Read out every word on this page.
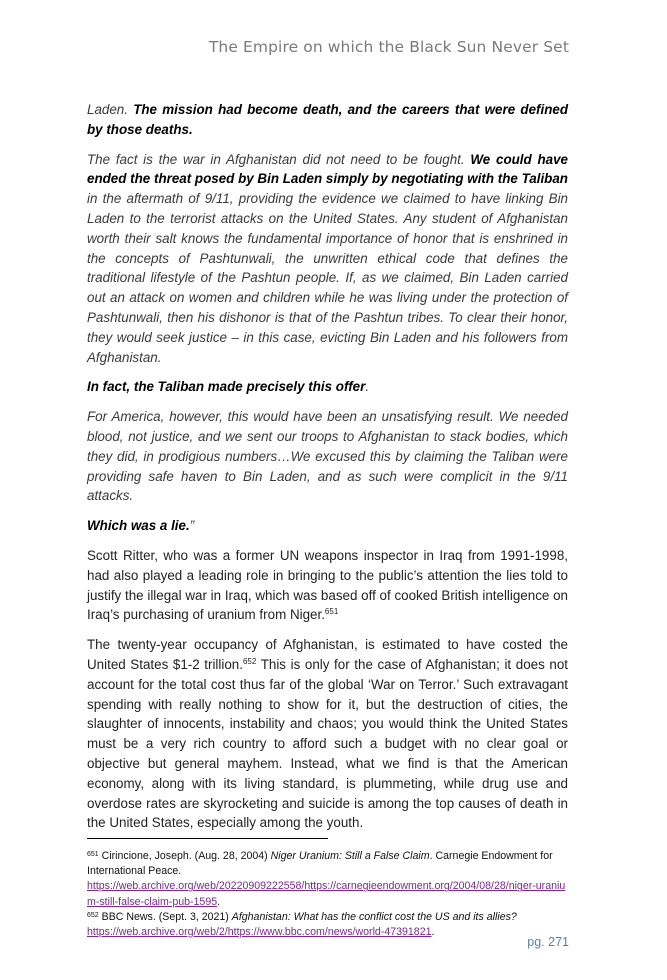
The Empire on which the Black Sun Never Set

Laden. The mission had become death, and the careers that were defined by those deaths.

The fact is the war in Afghanistan did not need to be fought. We could have ended the threat posed by Bin Laden simply by negotiating with the Taliban in the aftermath of 9/11, providing the evidence we claimed to have linking Bin Laden to the terrorist attacks on the United States. Any student of Afghanistan worth their salt knows the fundamental importance of honor that is enshrined in the concepts of Pashtunwali, the unwritten ethical code that defines the traditional lifestyle of the Pashtun people. If, as we claimed, Bin Laden carried out an attack on women and children while he was living under the protection of Pashtunwali, then his dishonor is that of the Pashtun tribes. To clear their honor, they would seek justice – in this case, evicting Bin Laden and his followers from Afghanistan.

In fact, the Taliban made precisely this offer.

For America, however, this would have been an unsatisfying result. We needed blood, not justice, and we sent our troops to Afghanistan to stack bodies, which they did, in prodigious numbers…We excused this by claiming the Taliban were providing safe haven to Bin Laden, and as such were complicit in the 9/11 attacks.

Which was a lie.”

Scott Ritter, who was a former UN weapons inspector in Iraq from 1991-1998, had also played a leading role in bringing to the public’s attention the lies told to justify the illegal war in Iraq, which was based off of cooked British intelligence on Iraq’s purchasing of uranium from Niger.$^{651}$

The twenty-year occupancy of Afghanistan, is estimated to have costed the United States $1-2 trillion.$^{652}$ This is only for the case of Afghanistan; it does not account for the total cost thus far of the global ‘War on Terror.’ Such extravagant spending with really nothing to show for it, but the destruction of cities, the slaughter of innocents, instability and chaos; you would think the United States must be a very rich country to afford such a budget with no clear goal or objective but general mayhem. Instead, what we find is that the American economy, along with its living standard, is plummeting, while drug use and overdose rates are skyrocketing and suicide is among the top causes of death in the United States, especially among the youth.

$^{651}$ Cirincione, Joseph. (Aug. 28, 2004) Niger Uranium: Still a False Claim. Carnegie Endowment for International Peace.
https://web.archive.org/web/20220909222558/https://carnegieendowment.org/2004/08/28/niger-uranium-still-false-claim-pub-1595.
$^{652}$ BBC News. (Sept. 3, 2021) Afghanistan: What has the conflict cost the US and its allies?
https://web.archive.org/web/2/https://www.bbc.com/news/world-47391821.
pg. 271
